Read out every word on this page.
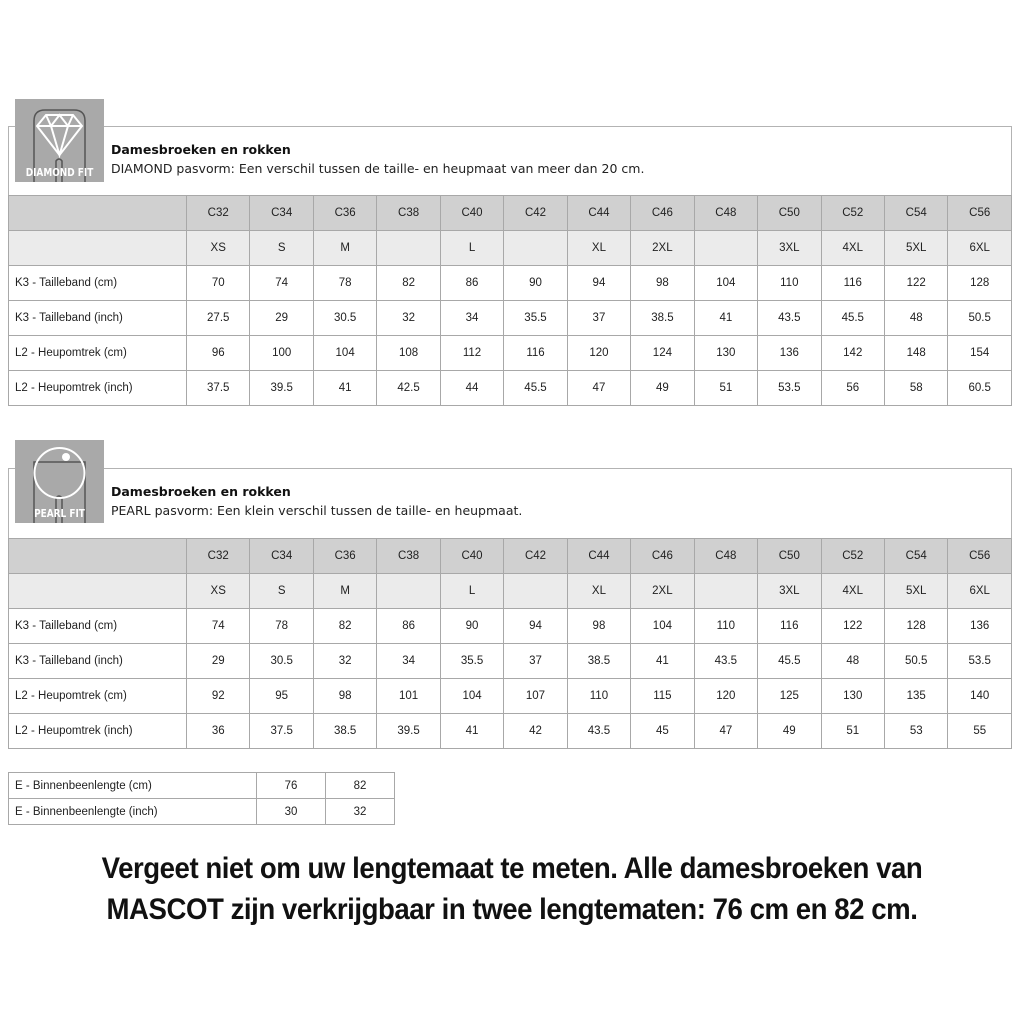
DIAMOND FIT
Damesbroeken en rokken
DIAMOND pasvorm: Een verschil tussen de taille- en heupmaat van meer dan 20 cm.
	C32	C34	C36	C38	C40	C42	C44	C46	C48	C50	C52	C54	C56
	XS	S	M		L		XL	2XL		3XL	4XL	5XL	6XL
K3 - Tailleband (cm)	70	74	78	82	86	90	94	98	104	110	116	122	128
K3 - Tailleband (inch)	27.5	29	30.5	32	34	35.5	37	38.5	41	43.5	45.5	48	50.5
L2 - Heupomtrek (cm)	96	100	104	108	112	116	120	124	130	136	142	148	154
L2 - Heupomtrek (inch)	37.5	39.5	41	42.5	44	45.5	47	49	51	53.5	56	58	60.5
PEARL FIT
Damesbroeken en rokken
PEARL pasvorm: Een klein verschil tussen de taille- en heupmaat.
	C32	C34	C36	C38	C40	C42	C44	C46	C48	C50	C52	C54	C56
	XS	S	M		L		XL	2XL		3XL	4XL	5XL	6XL
K3 - Tailleband (cm)	74	78	82	86	90	94	98	104	110	116	122	128	136
K3 - Tailleband (inch)	29	30.5	32	34	35.5	37	38.5	41	43.5	45.5	48	50.5	53.5
L2 - Heupomtrek (cm)	92	95	98	101	104	107	110	115	120	125	130	135	140
L2 - Heupomtrek (inch)	36	37.5	38.5	39.5	41	42	43.5	45	47	49	51	53	55
E - Binnenbeenlengte (cm)	76	82
E - Binnenbeenlengte (inch)	30	32
Vergeet niet om uw lengtemaat te meten. Alle damesbroeken van
MASCOT zijn verkrijgbaar in twee lengtematen: 76 cm en 82 cm.
